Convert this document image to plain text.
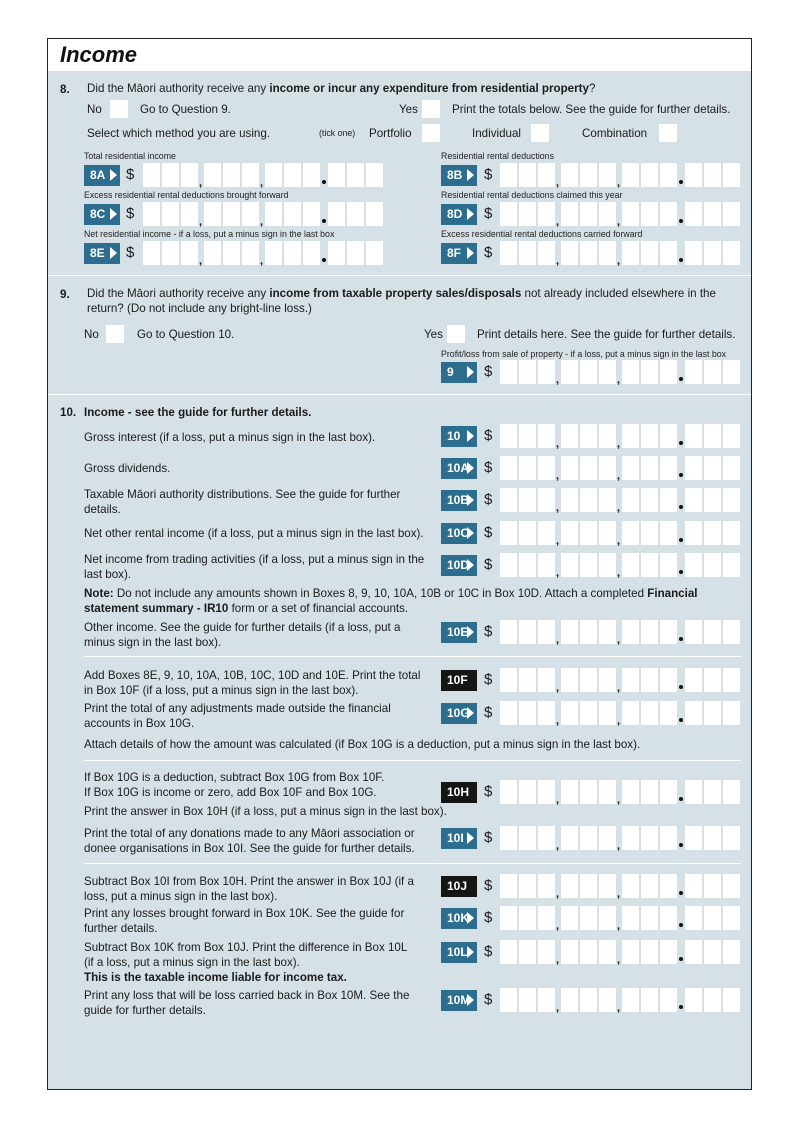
Income
8. Did the Māori authority receive any income or incur any expenditure from residential property?
No	Go to Question 9.	Yes	Print the totals below. See the guide for further details.
Select which method you are using.	(tick one) Portfolio	Individual	Combination
Total residential income
8A	$	,	,
Residential rental deductions
8B	$	,	,
Excess residential rental deductions brought forward
8C	$	,	,
Residential rental deductions claimed this year
8D	$	,	,
Net residential income - if a loss, put a minus sign in the last box
8E	$	,	,
Excess residential rental deductions carried forward
8F	$	,	,
9. Did the Māori authority receive any income from taxable property sales/disposals not already included elsewhere in the return? (Do not include any bright-line loss.)
No	Go to Question 10.	Yes	Print details here. See the guide for further details.
Profit/loss from sale of property - if a loss, put a minus sign in the last box
9	$	,	,
10. Income - see the guide for further details.
Gross interest (if a loss, put a minus sign in the last box).	10	$	,	,
Gross dividends.	10A $	,	,
Taxable Māori authority distributions. See the guide for further details.
10B $	,	,
Net other rental income (if a loss, put a minus sign in the last box).	10C $	,	,
Net income from trading activities (if a loss, put a minus sign in the last box).
10D $	,	,
Note: Do not include any amounts shown in Boxes 8, 9, 10, 10A, 10B or 10C in Box 10D. Attach a completed Financial statement summary - IR10 form or a set of financial accounts.
Other income. See the guide for further details (if a loss, put a minus sign in the last box).
10E	$	,	,
Add Boxes 8E, 9, 10, 10A, 10B, 10C, 10D and 10E. Print the total in Box 10F (if a loss, put a minus sign in the last box).
10F	$	,	,
Print the total of any adjustments made outside the financial accounts in Box 10G.
10G $	,	,
Attach details of how the amount was calculated (if Box 10G is a deduction, put a minus sign in the last box).
If Box 10G is a deduction, subtract Box 10G from Box 10F.
If Box 10G is income or zero, add Box 10F and Box 10G.
Print the answer in Box 10H (if a loss, put a minus sign in the last box).
10H $	,	,
Print the total of any donations made to any Māori association or donee organisations in Box 10I. See the guide for further details.
10I	$	,	,
Subtract Box 10I from Box 10H. Print the answer in Box 10J (if a loss, put a minus sign in the last box).
10J	$	,	,
Print any losses brought forward in Box 10K. See the guide for further details.
10K $	,	,
Subtract Box 10K from Box 10J. Print the difference in Box 10L (if a loss, put a minus sign in the last box).
This is the taxable income liable for income tax.
10L	$	,	,
Print any loss that will be loss carried back in Box 10M. See the guide for further details.
10M $	,	,
